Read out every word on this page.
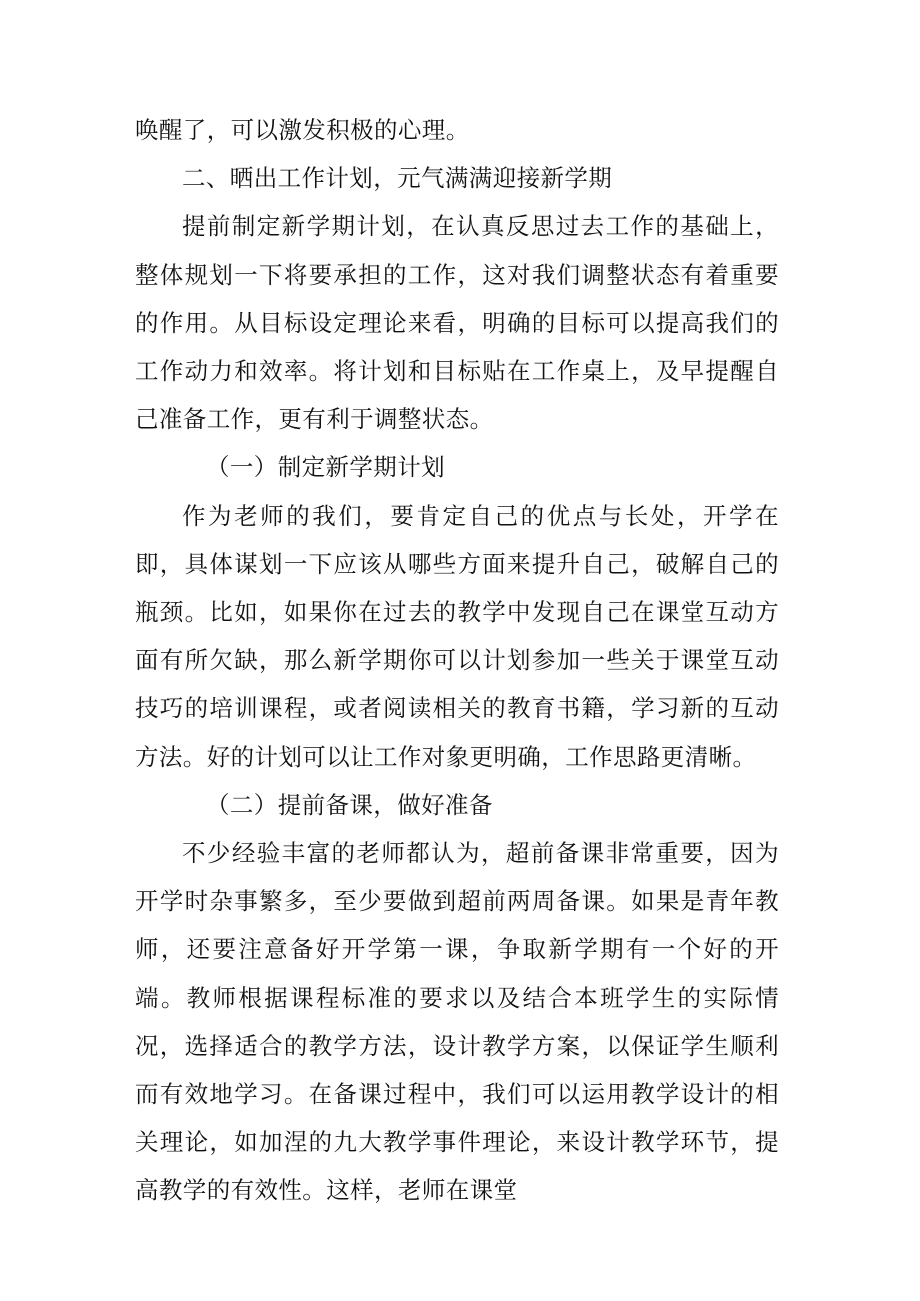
唤醒了，可以激发积极的心理。

二、晒出工作计划，元气满满迎接新学期

提前制定新学期计划，在认真反思过去工作的基础上，整体规划一下将要承担的工作，这对我们调整状态有着重要的作用。从目标设定理论来看，明确的目标可以提高我们的工作动力和效率。将计划和目标贴在工作桌上，及早提醒自己准备工作，更有利于调整状态。

（一）制定新学期计划

作为老师的我们，要肯定自己的优点与长处，开学在即，具体谋划一下应该从哪些方面来提升自己，破解自己的瓶颈。比如，如果你在过去的教学中发现自己在课堂互动方面有所欠缺，那么新学期你可以计划参加一些关于课堂互动技巧的培训课程，或者阅读相关的教育书籍，学习新的互动方法。好的计划可以让工作对象更明确，工作思路更清晰。

（二）提前备课，做好准备

不少经验丰富的老师都认为，超前备课非常重要，因为开学时杂事繁多，至少要做到超前两周备课。如果是青年教师，还要注意备好开学第一课，争取新学期有一个好的开端。教师根据课程标准的要求以及结合本班学生的实际情况，选择适合的教学方法，设计教学方案，以保证学生顺利而有效地学习。在备课过程中，我们可以运用教学设计的相关理论，如加涅的九大教学事件理论，来设计教学环节，提高教学的有效性。这样，老师在课堂
